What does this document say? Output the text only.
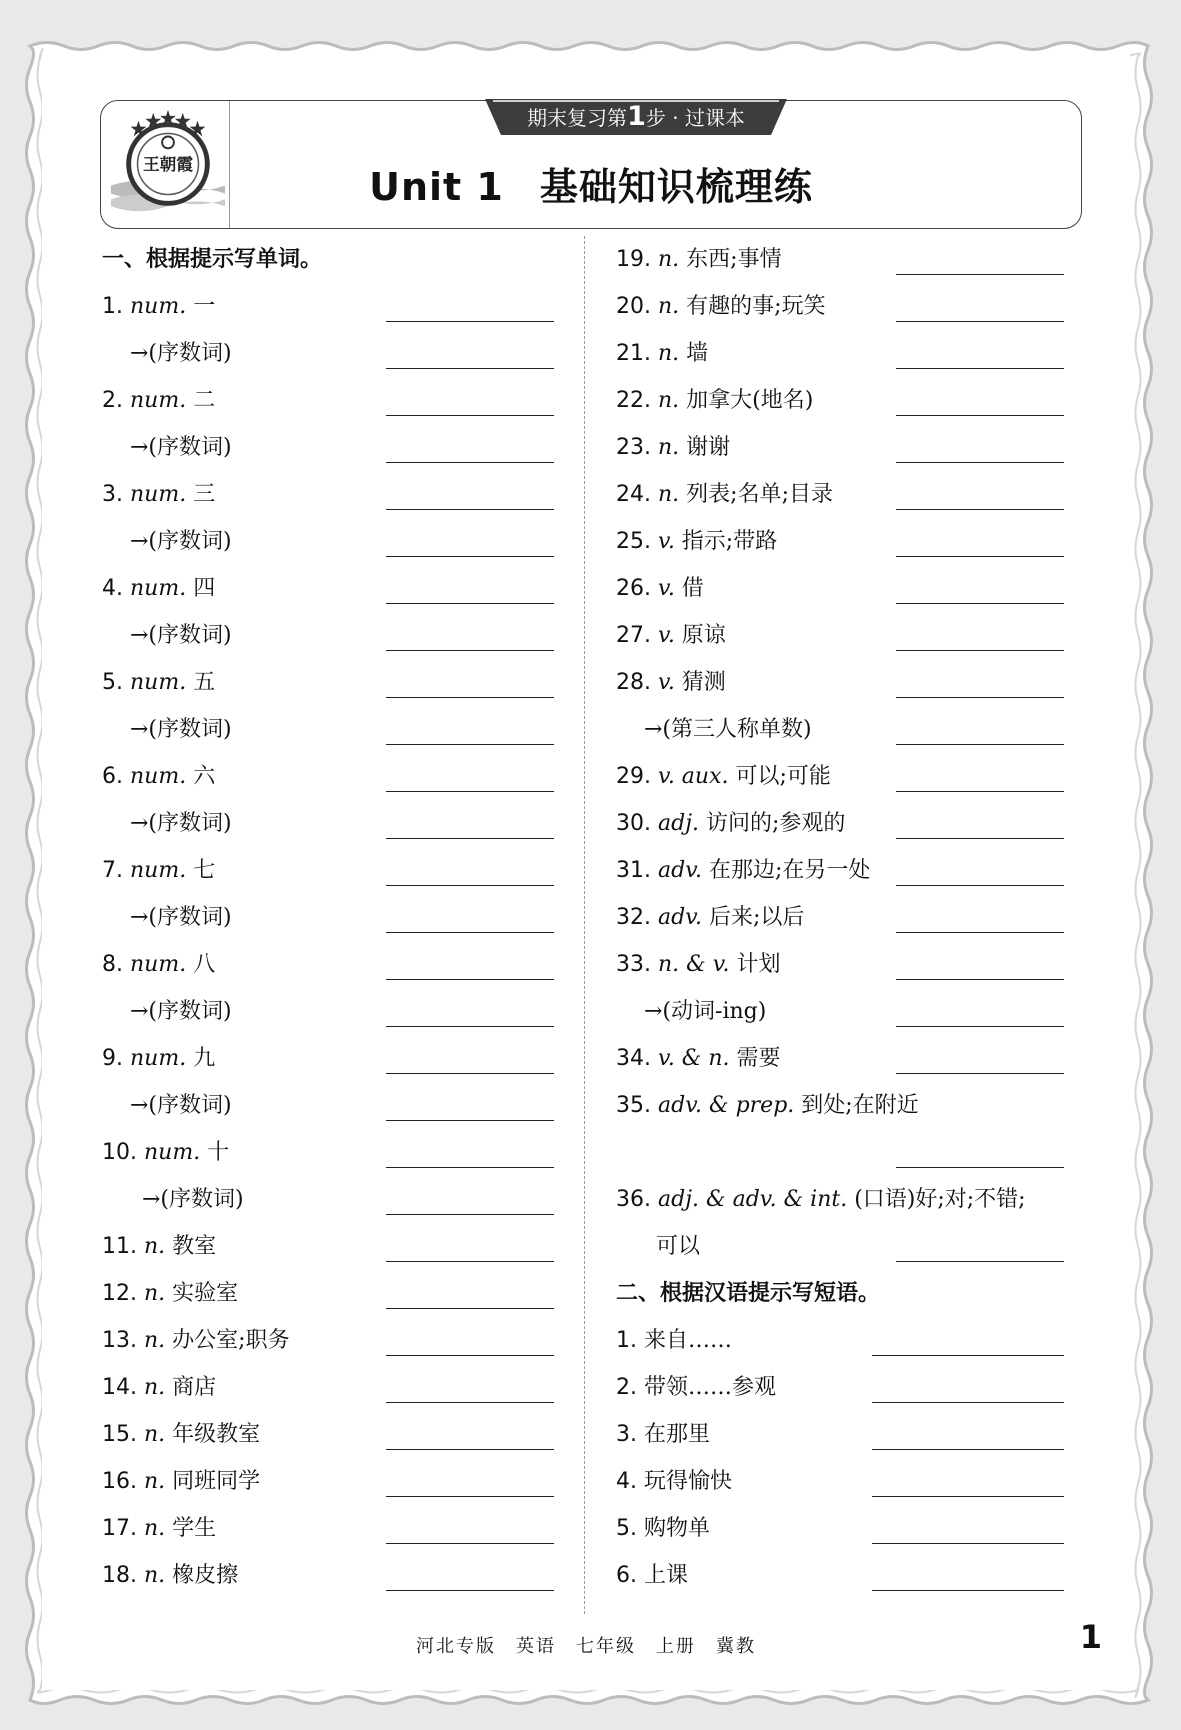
王朝霞
期末复习第1步 · 过课本
Unit 1 基础知识梳理练
一、根据提示写单词。
1. num. 一
→(序数词)
2. num. 二
→(序数词)
3. num. 三
→(序数词)
4. num. 四
→(序数词)
5. num. 五
→(序数词)
6. num. 六
→(序数词)
7. num. 七
→(序数词)
8. num. 八
→(序数词)
9. num. 九
→(序数词)
10. num. 十
→(序数词)
11. n. 教室
12. n. 实验室
13. n. 办公室;职务
14. n. 商店
15. n. 年级教室
16. n. 同班同学
17. n. 学生
18. n. 橡皮擦
19. n. 东西;事情
20. n. 有趣的事;玩笑
21. n. 墙
22. n. 加拿大(地名)
23. n. 谢谢
24. n. 列表;名单;目录
25. v. 指示;带路
26. v. 借
27. v. 原谅
28. v. 猜测
→(第三人称单数)
29. v. aux. 可以;可能
30. adj. 访问的;参观的
31. adv. 在那边;在另一处
32. adv. 后来;以后
33. n. & v. 计划
→(动词-ing)
34. v. & n. 需要
35. adv. & prep. 到处;在附近
36. adj. & adv. & int. (口语)好;对;不错;
可以
二、根据汉语提示写短语。
1. 来自……
2. 带领……参观
3. 在那里
4. 玩得愉快
5. 购物单
6. 上课
河北专版　英语　七年级　上册　冀教	1
